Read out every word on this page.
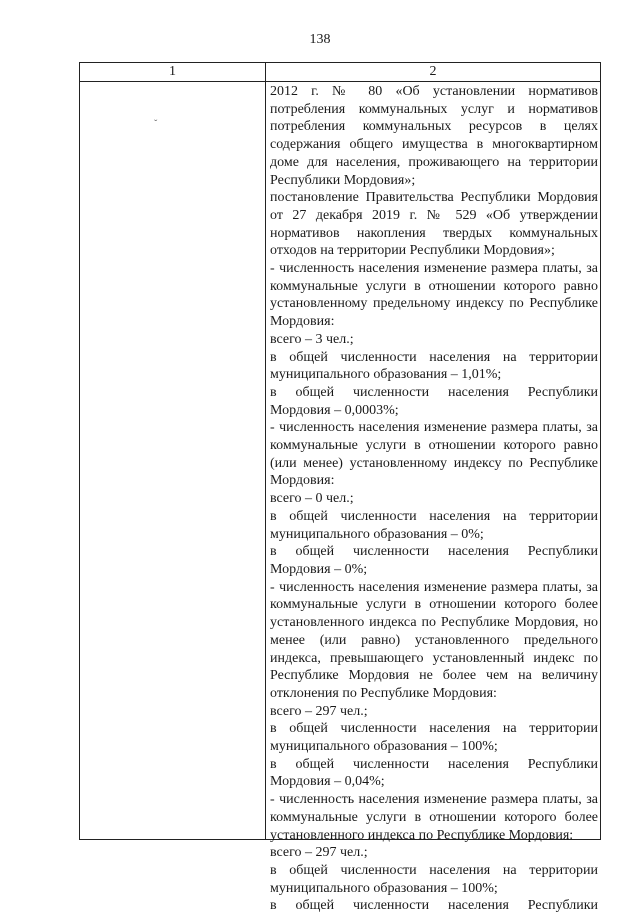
138
1	2
ˇ
2012 г. № 80 «Об установлении нормативов
потребления коммунальных услуг и нормативов
потребления коммунальных ресурсов в целях
содержания общего имущества в многоквартирном
доме для населения, проживающего на территории
Республики Мордовия»;
постановление Правительства Республики Мордовия
от 27 декабря 2019 г. № 529 «Об утверждении
нормативов накопления твердых коммунальных
отходов на территории Республики Мордовия»;
- численность населения изменение размера платы, за
коммунальные услуги в отношении которого равно
установленному предельному индексу по Республике
Мордовия:
всего – 3 чел.;
в общей численности населения на территории
муниципального образования – 1,01%;
в общей численности населения Республики
Мордовия – 0,0003%;
- численность населения изменение размера платы, за
коммунальные услуги в отношении которого равно
(или менее) установленному индексу по Республике
Мордовия:
всего – 0 чел.;
в общей численности населения на территории
муниципального образования – 0%;
в общей численности населения Республики
Мордовия – 0%;
- численность населения изменение размера платы, за
коммунальные услуги в отношении которого более
установленного индекса по Республике Мордовия, но
менее (или равно) установленного предельного
индекса, превышающего установленный индекс по
Республике Мордовия не более чем на величину
отклонения по Республике Мордовия:
всего – 297 чел.;
в общей численности населения на территории
муниципального образования – 100%;
в общей численности населения Республики
Мордовия – 0,04%;
- численность населения изменение размера платы, за
коммунальные услуги в отношении которого более
установленного индекса по Республике Мордовия:
всего – 297 чел.;
в общей численности населения на территории
муниципального образования – 100%;
в общей численности населения Республики
